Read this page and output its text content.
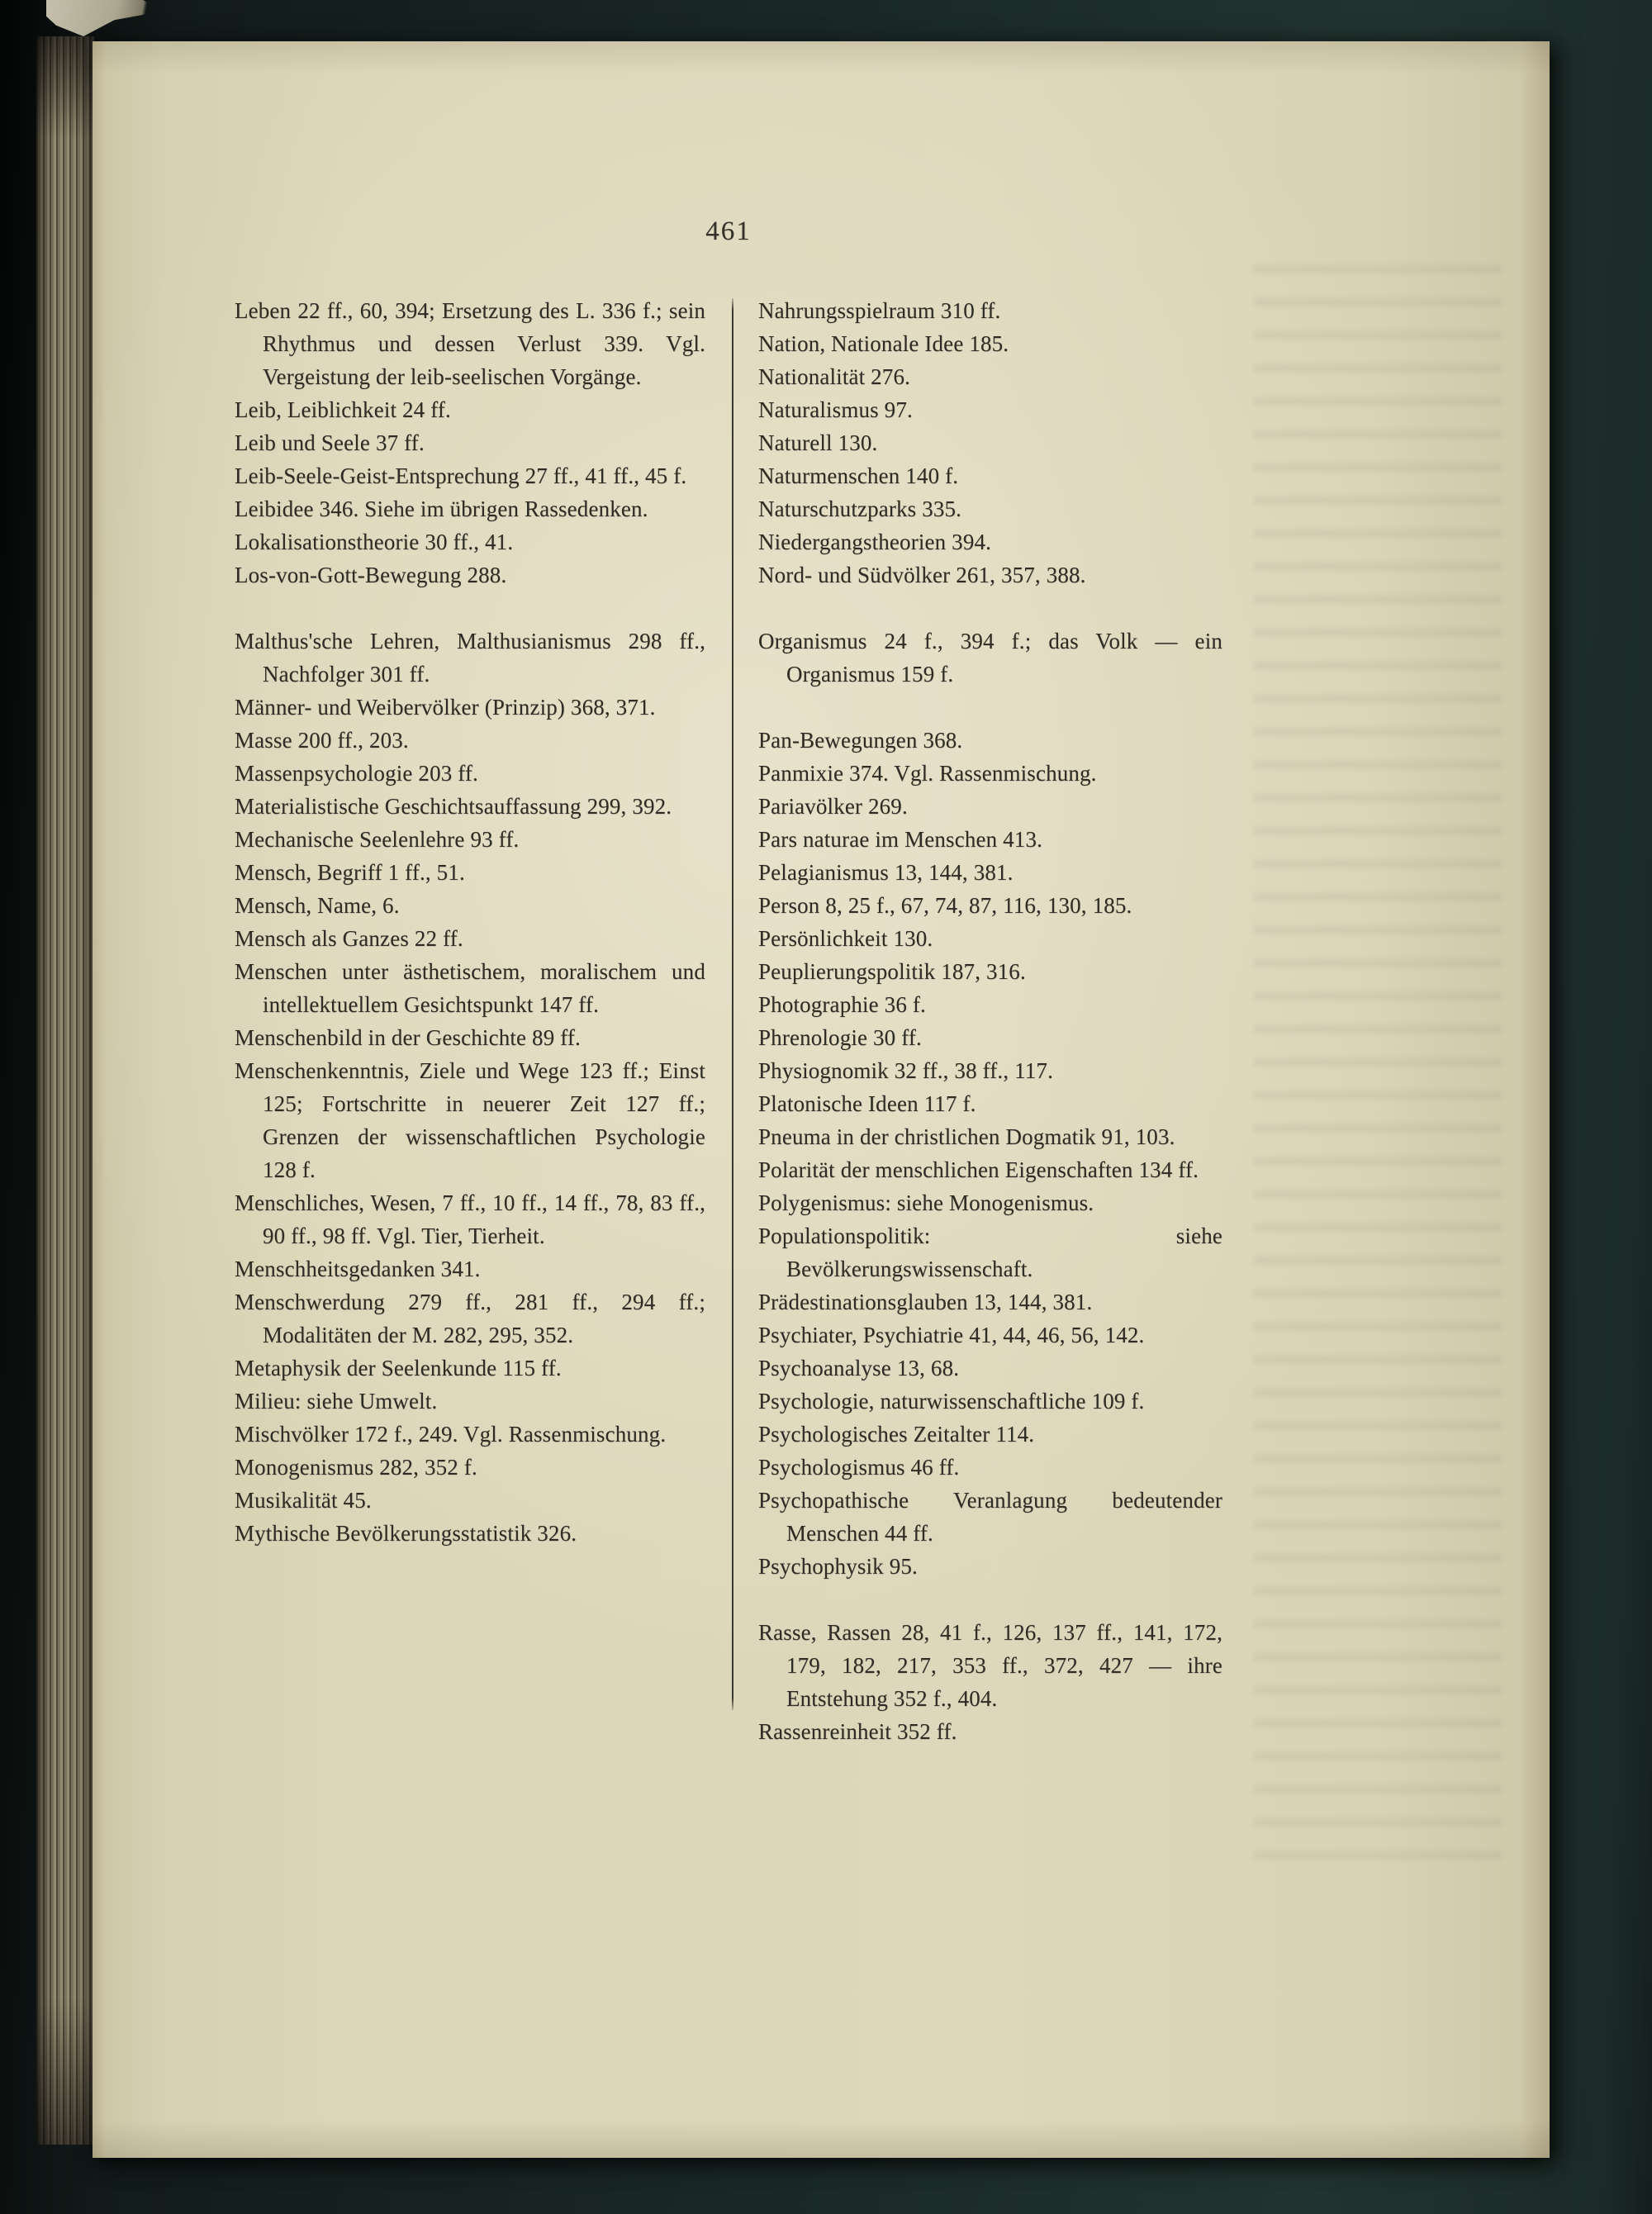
461

Leben 22 ff., 60, 394; Ersetzung des L. 336 f.; sein Rhythmus und dessen Verlust 339. Vgl. Vergeistung der leib-seelischen Vorgänge.

Leib, Leiblichkeit 24 ff.

Leib und Seele 37 ff.

Leib-Seele-Geist-Entsprechung 27 ff., 41 ff., 45 f.

Leibidee 346. Siehe im übrigen Rassedenken.

Lokalisationstheorie 30 ff., 41.

Los-von-Gott-Bewegung 288.

Malthus'sche Lehren, Malthusianismus 298 ff., Nachfolger 301 ff.

Männer- und Weibervölker (Prinzip) 368, 371.

Masse 200 ff., 203.

Massenpsychologie 203 ff.

Materialistische Geschichtsauffassung 299, 392.

Mechanische Seelenlehre 93 ff.

Mensch, Begriff 1 ff., 51.

Mensch, Name, 6.

Mensch als Ganzes 22 ff.

Menschen unter ästhetischem, moralischem und intellektuellem Gesichtspunkt 147 ff.

Menschenbild in der Geschichte 89 ff.

Menschenkenntnis, Ziele und Wege 123 ff.; Einst 125; Fortschritte in neuerer Zeit 127 ff.; Grenzen der wissenschaftlichen Psychologie 128 f.

Menschliches, Wesen, 7 ff., 10 ff., 14 ff., 78, 83 ff., 90 ff., 98 ff. Vgl. Tier, Tierheit.

Menschheitsgedanken 341.

Menschwerdung 279 ff., 281 ff., 294 ff.; Modalitäten der M. 282, 295, 352.

Metaphysik der Seelenkunde 115 ff.

Milieu: siehe Umwelt.

Mischvölker 172 f., 249. Vgl. Rassenmischung.

Monogenismus 282, 352 f.

Musikalität 45.

Mythische Bevölkerungsstatistik 326.

Nahrungsspielraum 310 ff.

Nation, Nationale Idee 185.

Nationalität 276.

Naturalismus 97.

Naturell 130.

Naturmenschen 140 f.

Naturschutzparks 335.

Niedergangstheorien 394.

Nord- und Südvölker 261, 357, 388.

Organismus 24 f., 394 f.; das Volk — ein Organismus 159 f.

Pan-Bewegungen 368.

Panmixie 374. Vgl. Rassenmischung.

Pariavölker 269.

Pars naturae im Menschen 413.

Pelagianismus 13, 144, 381.

Person 8, 25 f., 67, 74, 87, 116, 130, 185.

Persönlichkeit 130.

Peuplierungspolitik 187, 316.

Photographie 36 f.

Phrenologie 30 ff.

Physiognomik 32 ff., 38 ff., 117.

Platonische Ideen 117 f.

Pneuma in der christlichen Dogmatik 91, 103.

Polarität der menschlichen Eigenschaften 134 ff.

Polygenismus: siehe Monogenismus.

Populationspolitik: siehe Bevölkerungswissenschaft.

Prädestinationsglauben 13, 144, 381.

Psychiater, Psychiatrie 41, 44, 46, 56, 142.

Psychoanalyse 13, 68.

Psychologie, naturwissenschaftliche 109 f.

Psychologisches Zeitalter 114.

Psychologismus 46 ff.

Psychopathische Veranlagung bedeutender Menschen 44 ff.

Psychophysik 95.

Rasse, Rassen 28, 41 f., 126, 137 ff., 141, 172, 179, 182, 217, 353 ff., 372, 427 — ihre Entstehung 352 f., 404.

Rassenreinheit 352 ff.
